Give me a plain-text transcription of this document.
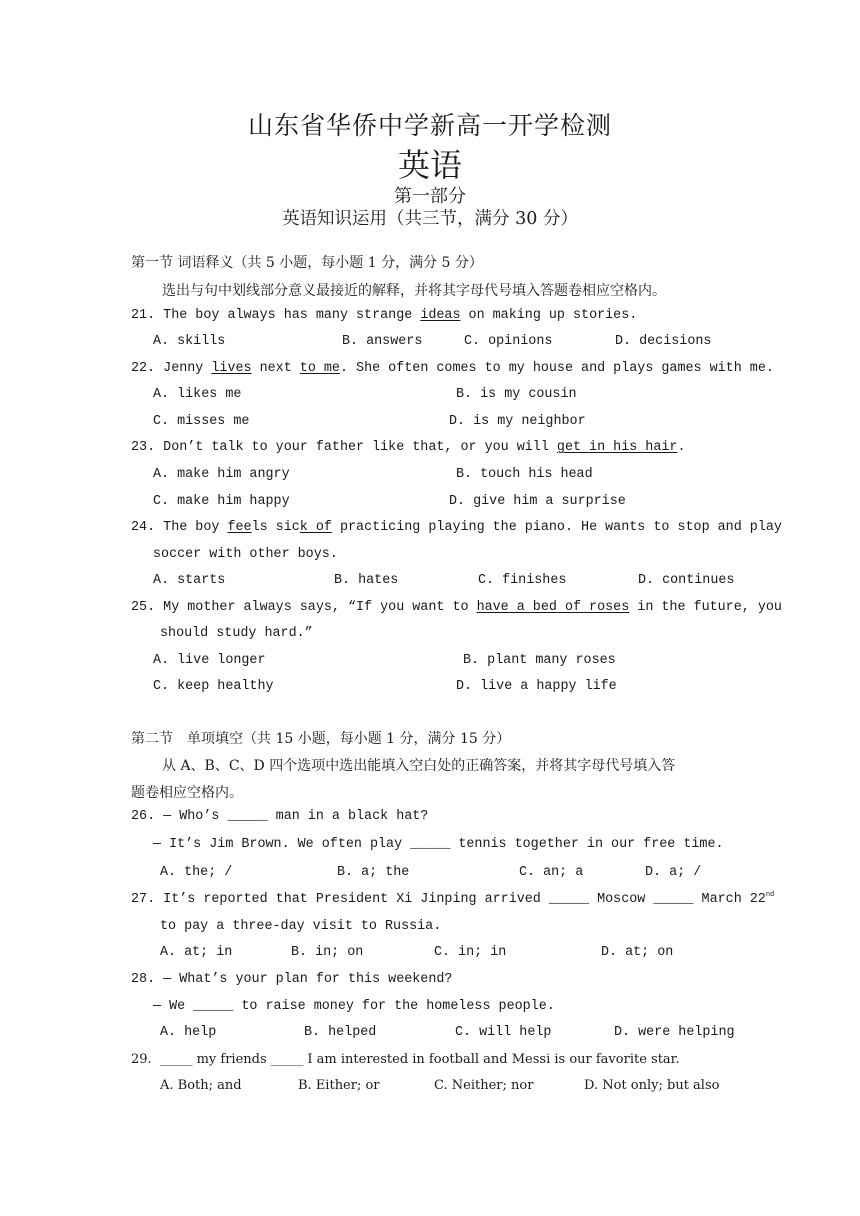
山东省华侨中学新高一开学检测
英语
第一部分
英语知识运用（共三节，满分 30 分）
第一节 词语释义（共 5 小题，每小题 1 分，满分 5 分）
选出与句中划线部分意义最接近的解释，并将其字母代号填入答题卷相应空格内。
21. The boy always has many strange ideas on making up stories.
A. skills	B. answers	C. opinions	D. decisions
22. Jenny lives next to me. She often comes to my house and plays games with me.
A. likes me	B. is my cousin
C. misses me	D. is my neighbor
23. Don’t talk to your father like that, or you will get in his hair.
A. make him angry	B. touch his head
C. make him happy	D. give him a surprise
24. The boy feels sick of practicing playing the piano. He wants to stop and play
soccer with other boys.
A. starts	B. hates	C. finishes	D. continues
25. My mother always says, “If you want to have a bed of roses in the future, you
should study hard.”
A. live longer	B. plant many roses
C. keep healthy	D. live a happy life
第二节　单项填空（共 15 小题，每小题 1 分，满分 15 分）
从 A、B、C、D 四个选项中选出能填入空白处的正确答案，并将其字母代号填入答
题卷相应空格内。
26. — Who’s _____ man in a black hat?
— It’s Jim Brown. We often play _____ tennis together in our free time.
A. the; /	B. a; the	C. an; a	D. a; /
27. It’s reported that President Xi Jinping arrived _____ Moscow _____ March 22nd
to pay a three-day visit to Russia.
A. at; in	B. in; on	C. in; in	D. at; on
28. — What’s your plan for this weekend?
— We _____ to raise money for the homeless people.
A. help	B. helped	C. will help	D. were helping
29. _____ my friends _____ I am interested in football and Messi is our favorite star.
A. Both; and	B. Either; or	C. Neither; nor	D. Not only; but also
